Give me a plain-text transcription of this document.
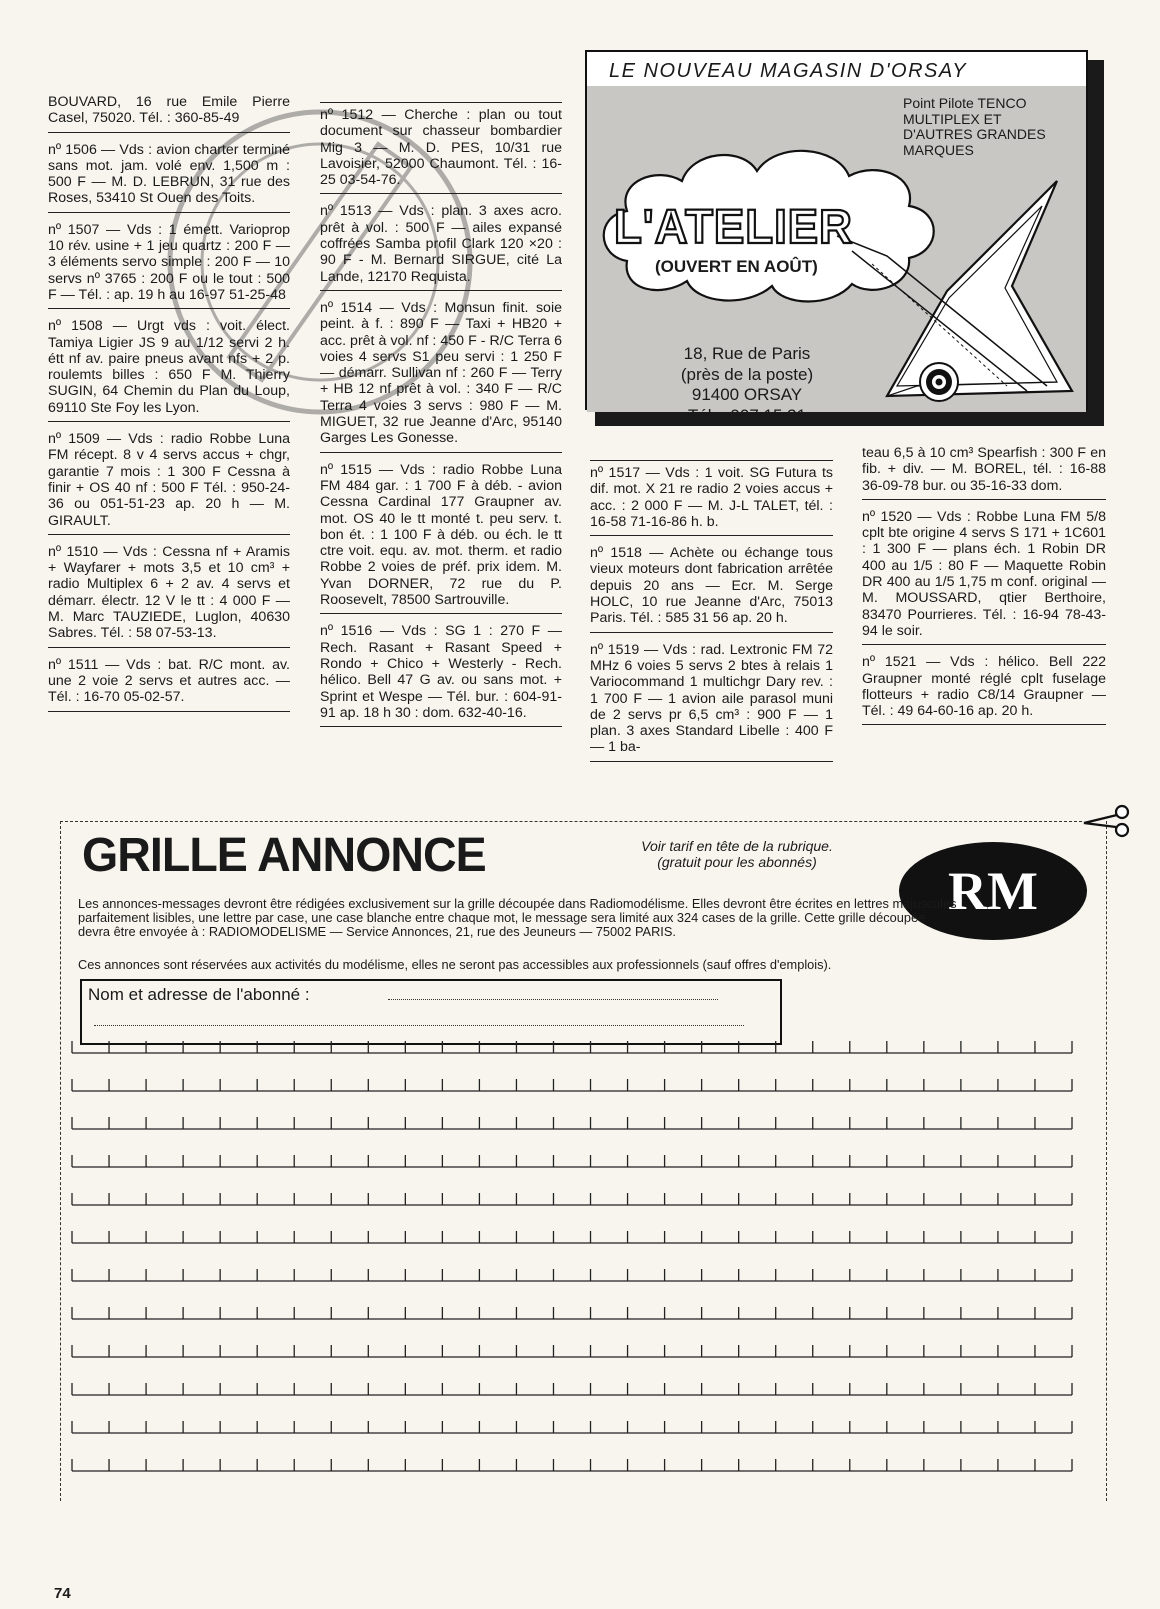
BOUVARD, 16 rue Emile Pierre Casel, 75020. Tél. : 360-85-49
nº 1506 — Vds : avion charter terminé sans mot. jam. volé env. 1,500 m : 500 F — M. D. LEBRUN, 31 rue des Roses, 53410 St Ouen des Toits.
nº 1507 — Vds : 1 émett. Varioprop 10 rév. usine + 1 jeu quartz : 200 F — 3 éléments servo simple : 200 F — 10 servs nº 3765 : 200 F ou le tout : 500 F — Tél. : ap. 19 h au 16-97 51-25-48
nº 1508 — Urgt vds : voit. élect. Tamiya Ligier JS 9 au 1/12 servi 2 h. étt nf av. paire pneus avant nfs + 2 p. roulemts billes : 650 F M. Thierry SUGIN, 64 Chemin du Plan du Loup, 69110 Ste Foy les Lyon.
nº 1509 — Vds : radio Robbe Luna FM récept. 8 v 4 servs accus + chgr, garantie 7 mois : 1 300 F Cessna à finir + OS 40 nf : 500 F Tél. : 950-24-36 ou 051-51-23 ap. 20 h — M. GIRAULT.
nº 1510 — Vds : Cessna nf + Aramis + Wayfarer + mots 3,5 et 10 cm³ + radio Multiplex 6 + 2 av. 4 servs et démarr. électr. 12 V le tt : 4 000 F — M. Marc TAUZIEDE, Luglon, 40630 Sabres. Tél. : 58 07-53-13.
nº 1511 — Vds : bat. R/C mont. av. une 2 voie 2 servs et autres acc. — Tél. : 16-70 05-02-57.
nº 1512 — Cherche : plan ou tout document sur chasseur bombardier Mig 3 — M. D. PES, 10/31 rue Lavoisier, 52000 Chaumont. Tél. : 16-25 03-54-76.
nº 1513 — Vds : plan. 3 axes acro. prêt à vol. : 500 F — ailes expansé coffrées Samba profil Clark 120 ×20 : 90 F - M. Bernard SIRGUE, cité La Lande, 12170 Requista.
nº 1514 — Vds : Monsun finit. soie peint. à f. : 890 F — Taxi + HB20 + acc. prêt à vol. nf : 450 F - R/C Terra 6 voies 4 servs S1 peu servi : 1 250 F — démarr. Sullivan nf : 260 F — Terry + HB 12 nf prêt à vol. : 340 F — R/C Terra 4 voies 3 servs : 980 F — M. MIGUET, 32 rue Jeanne d'Arc, 95140 Garges Les Gonesse.
nº 1515 — Vds : radio Robbe Luna FM 484 gar. : 1 700 F à déb. - avion Cessna Cardinal 177 Graupner av. mot. OS 40 le tt monté t. peu serv. t. bon ét. : 1 100 F à déb. ou éch. le tt ctre voit. equ. av. mot. therm. et radio Robbe 2 voies de préf. prix idem. M. Yvan DORNER, 72 rue du P. Roosevelt, 78500 Sartrouville.
nº 1516 — Vds : SG 1 : 270 F — Rech. Rasant + Rasant Speed + Rondo + Chico + Westerly - Rech. hélico. Bell 47 G av. ou sans mot. + Sprint et Wespe — Tél. bur. : 604-91-91 ap. 18 h 30 : dom. 632-40-16.
nº 1517 — Vds : 1 voit. SG Futura ts dif. mot. X 21 re radio 2 voies accus + acc. : 2 000 F — M. J-L TALET, tél. : 16-58 71-16-86 h. b.
nº 1518 — Achète ou échange tous vieux moteurs dont fabrication arrêtée depuis 20 ans — Ecr. M. Serge HOLC, 10 rue Jeanne d'Arc, 75013 Paris. Tél. : 585 31 56 ap. 20 h.
nº 1519 — Vds : rad. Lextronic FM 72 MHz 6 voies 5 servs 2 btes à relais 1 Variocommand 1 multichgr Dary rev. : 1 700 F — 1 avion aile parasol muni de 2 servs pr 6,5 cm³ : 900 F — 1 plan. 3 axes Standard Libelle : 400 F — 1 ba-
teau 6,5 à 10 cm³ Spearfish : 300 F en fib. + div. — M. BOREL, tél. : 16-88 36-09-78 bur. ou 35-16-33 dom.
nº 1520 — Vds : Robbe Luna FM 5/8 cplt bte origine 4 servs S 171 + 1C601 : 1 300 F — plans éch. 1 Robin DR 400 au 1/5 : 80 F — Maquette Robin DR 400 au 1/5 1,75 m conf. original — M. MOUSSARD, qtier Berthoire, 83470 Pourrieres. Tél. : 16-94 78-43-94 le soir.
nº 1521 — Vds : hélico. Bell 222 Graupner monté réglé cplt fuselage flotteurs + radio C8/14 Graupner — Tél. : 49 64-60-16 ap. 20 h.
LE NOUVEAU MAGASIN D'ORSAY
Point Pilote TENCO
MULTIPLEX ET
D'AUTRES GRANDES
MARQUES
L'ATELIER
(OUVERT EN AOÛT)
18, Rue de Paris
(près de la poste)
91400 ORSAY
Tél. : 907 15 31
GRILLE ANNONCE	Voir tarif en tête de la rubrique.
(gratuit pour les abonnés)	RM
Les annonces-messages devront être rédigées exclusivement sur la grille découpée dans Radiomodélisme. Elles devront être écrites en lettres majuscules parfaitement lisibles, une lettre par case, une case blanche entre chaque mot, le message sera limité aux 324 cases de la grille. Cette grille découpée devra être envoyée à : RADIOMODELISME — Service Annonces, 21, rue des Jeuneurs — 75002 PARIS.
Ces annonces sont réservées aux activités du modélisme, elles ne seront pas accessibles aux professionnels (sauf offres d'emplois).
Nom et adresse de l'abonné :
74
